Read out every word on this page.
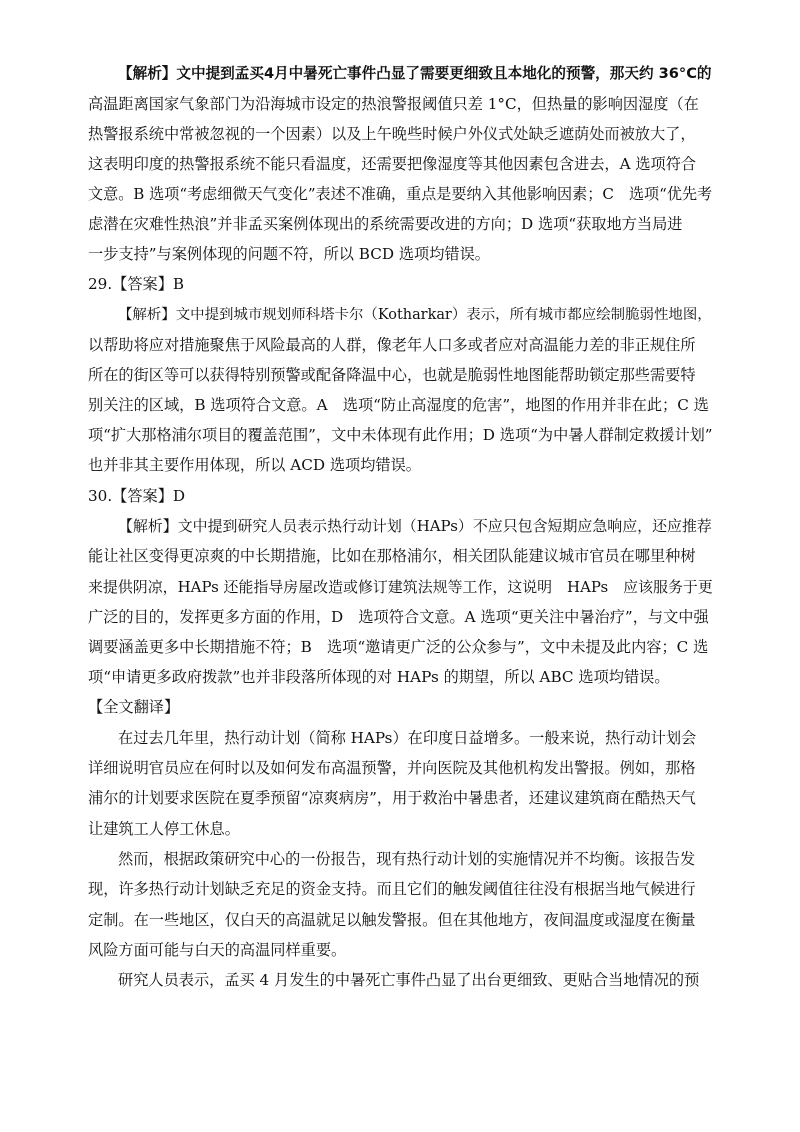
【解析】文中提到孟买4月中暑死亡事件凸显了需要更细致且本地化的预警，那天约 36°C的
高温距离国家气象部门为沿海城市设定的热浪警报阈值只差 1°C，但热量的影响因湿度（在
热警报系统中常被忽视的一个因素）以及上午晚些时候户外仪式处缺乏遮荫处而被放大了，
这表明印度的热警报系统不能只看温度，还需要把像湿度等其他因素包含进去，A 选项符合
文意。B 选项“考虑细微天气变化”表述不准确，重点是要纳入其他影响因素；C　选项“优先考
虑潜在灾难性热浪”并非孟买案例体现出的系统需要改进的方向；D 选项“获取地方当局进
一步支持”与案例体现的问题不符，所以 BCD 选项均错误。
29.【答案】B
【解析】文中提到城市规划师科塔卡尔（Kotharkar）表示，所有城市都应绘制脆弱性地图，
以帮助将应对措施聚焦于风险最高的人群，像老年人口多或者应对高温能力差的非正规住所
所在的街区等可以获得特别预警或配备降温中心，也就是脆弱性地图能帮助锁定那些需要特
别关注的区域，B 选项符合文意。A　选项“防止高湿度的危害”，地图的作用并非在此；C 选
项“扩大那格浦尔项目的覆盖范围”，文中未体现有此作用；D 选项“为中暑人群制定救援计划”
也并非其主要作用体现，所以 ACD 选项均错误。
30.【答案】D
【解析】文中提到研究人员表示热行动计划（HAPs）不应只包含短期应急响应，还应推荐
能让社区变得更凉爽的中长期措施，比如在那格浦尔，相关团队能建议城市官员在哪里种树
来提供阴凉，HAPs 还能指导房屋改造或修订建筑法规等工作，这说明　HAPs　应该服务于更
广泛的目的，发挥更多方面的作用，D　选项符合文意。A 选项“更关注中暑治疗”，与文中强
调要涵盖更多中长期措施不符；B　选项“邀请更广泛的公众参与”，文中未提及此内容；C 选
项“申请更多政府拨款”也并非段落所体现的对 HAPs 的期望，所以 ABC 选项均错误。
【全文翻译】
在过去几年里，热行动计划（简称 HAPs）在印度日益增多。一般来说，热行动计划会
详细说明官员应在何时以及如何发布高温预警，并向医院及其他机构发出警报。例如，那格
浦尔的计划要求医院在夏季预留“凉爽病房”，用于救治中暑患者，还建议建筑商在酷热天气
让建筑工人停工休息。
然而，根据政策研究中心的一份报告，现有热行动计划的实施情况并不均衡。该报告发
现，许多热行动计划缺乏充足的资金支持。而且它们的触发阈值往往没有根据当地气候进行
定制。在一些地区，仅白天的高温就足以触发警报。但在其他地方，夜间温度或湿度在衡量
风险方面可能与白天的高温同样重要。
研究人员表示，孟买 4 月发生的中暑死亡事件凸显了出台更细致、更贴合当地情况的预
